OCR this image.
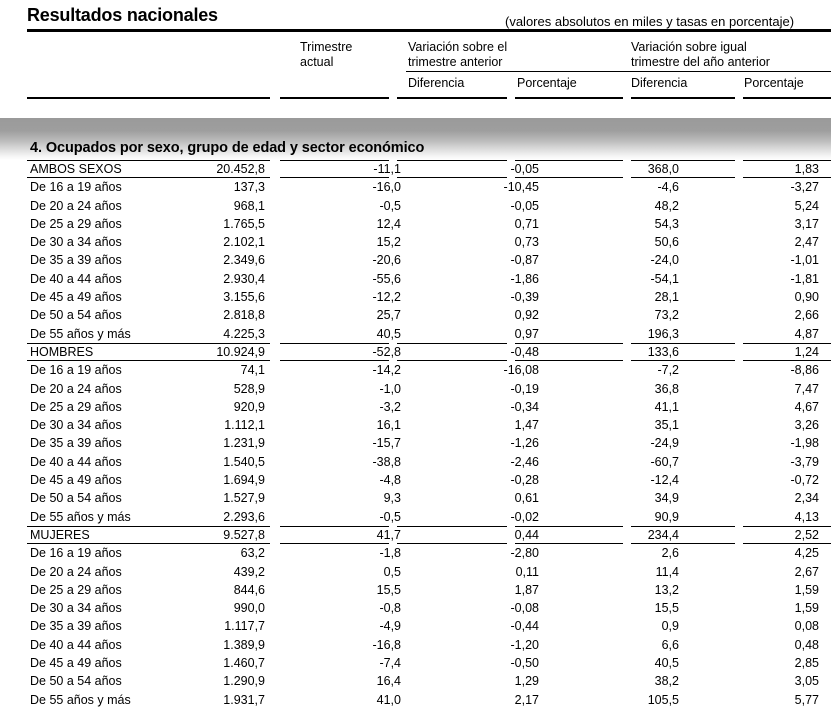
Resultados nacionales	(valores absolutos en miles y tasas en porcentaje)
Trimestre
actual
Variación sobre el
trimestre anterior
Variación sobre igual
trimestre del año anterior
Diferencia	Porcentaje	Diferencia	Porcentaje
4. Ocupados por sexo, grupo de edad y sector económico
AMBOS SEXOS	20.452,8	-11,1	-0,05	368,0	1,83
De 16 a 19 años	137,3	-16,0	-10,45	-4,6	-3,27
De 20 a 24 años	968,1	-0,5	-0,05	48,2	5,24
De 25 a 29 años	1.765,5	12,4	0,71	54,3	3,17
De 30 a 34 años	2.102,1	15,2	0,73	50,6	2,47
De 35 a 39 años	2.349,6	-20,6	-0,87	-24,0	-1,01
De 40 a 44 años	2.930,4	-55,6	-1,86	-54,1	-1,81
De 45 a 49 años	3.155,6	-12,2	-0,39	28,1	0,90
De 50 a 54 años	2.818,8	25,7	0,92	73,2	2,66
De 55 años y más	4.225,3	40,5	0,97	196,3	4,87
HOMBRES	10.924,9	-52,8	-0,48	133,6	1,24
De 16 a 19 años	74,1	-14,2	-16,08	-7,2	-8,86
De 20 a 24 años	528,9	-1,0	-0,19	36,8	7,47
De 25 a 29 años	920,9	-3,2	-0,34	41,1	4,67
De 30 a 34 años	1.112,1	16,1	1,47	35,1	3,26
De 35 a 39 años	1.231,9	-15,7	-1,26	-24,9	-1,98
De 40 a 44 años	1.540,5	-38,8	-2,46	-60,7	-3,79
De 45 a 49 años	1.694,9	-4,8	-0,28	-12,4	-0,72
De 50 a 54 años	1.527,9	9,3	0,61	34,9	2,34
De 55 años y más	2.293,6	-0,5	-0,02	90,9	4,13
MUJERES	9.527,8	41,7	0,44	234,4	2,52
De 16 a 19 años	63,2	-1,8	-2,80	2,6	4,25
De 20 a 24 años	439,2	0,5	0,11	11,4	2,67
De 25 a 29 años	844,6	15,5	1,87	13,2	1,59
De 30 a 34 años	990,0	-0,8	-0,08	15,5	1,59
De 35 a 39 años	1.117,7	-4,9	-0,44	0,9	0,08
De 40 a 44 años	1.389,9	-16,8	-1,20	6,6	0,48
De 45 a 49 años	1.460,7	-7,4	-0,50	40,5	2,85
De 50 a 54 años	1.290,9	16,4	1,29	38,2	3,05
De 55 años y más	1.931,7	41,0	2,17	105,5	5,77
